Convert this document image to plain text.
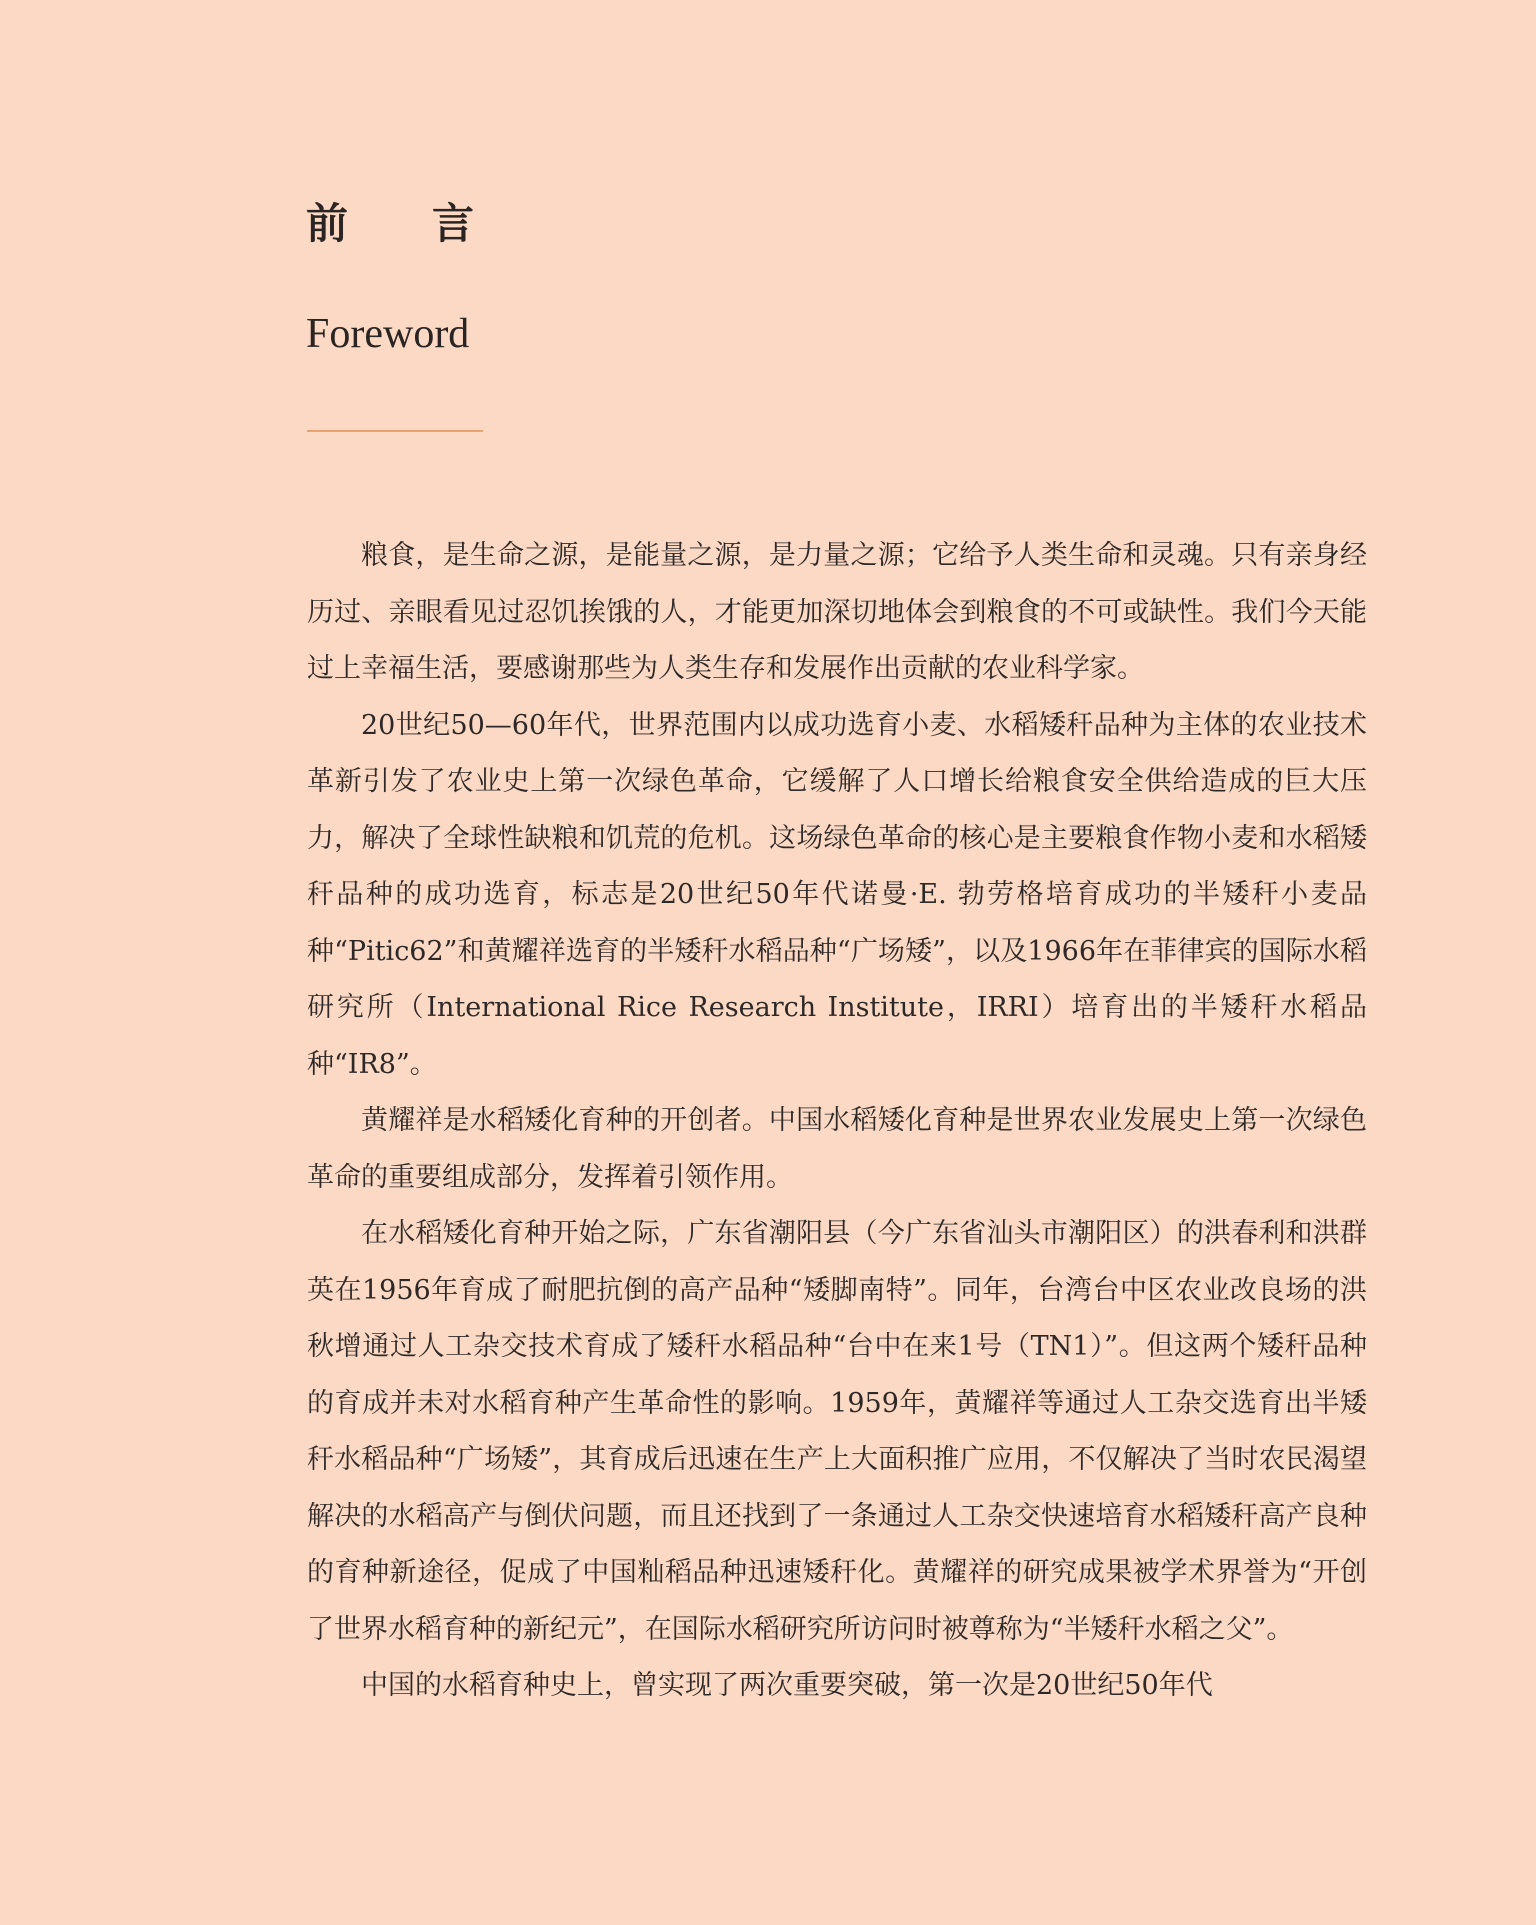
前　　言
Foreword

粮食，是生命之源，是能量之源，是力量之源；它给予人类生命和灵魂。只有亲身经历过、亲眼看见过忍饥挨饿的人，才能更加深切地体会到粮食的不可或缺性。我们今天能过上幸福生活，要感谢那些为人类生存和发展作出贡献的农业科学家。

20世纪50—60年代，世界范围内以成功选育小麦、水稻矮秆品种为主体的农业技术革新引发了农业史上第一次绿色革命，它缓解了人口增长给粮食安全供给造成的巨大压力，解决了全球性缺粮和饥荒的危机。这场绿色革命的核心是主要粮食作物小麦和水稻矮秆品种的成功选育，标志是20世纪50年代诺曼·E. 勃劳格培育成功的半矮秆小麦品种“Pitic62”和黄耀祥选育的半矮秆水稻品种“广场矮”，以及1966年在菲律宾的国际水稻研究所（International Rice Research Institute，IRRI）培育出的半矮秆水稻品种“IR8”。

黄耀祥是水稻矮化育种的开创者。中国水稻矮化育种是世界农业发展史上第一次绿色革命的重要组成部分，发挥着引领作用。

在水稻矮化育种开始之际，广东省潮阳县（今广东省汕头市潮阳区）的洪春利和洪群英在1956年育成了耐肥抗倒的高产品种“矮脚南特”。同年，台湾台中区农业改良场的洪秋增通过人工杂交技术育成了矮秆水稻品种“台中在来1号（TN1）”。但这两个矮秆品种的育成并未对水稻育种产生革命性的影响。1959年，黄耀祥等通过人工杂交选育出半矮秆水稻品种“广场矮”，其育成后迅速在生产上大面积推广应用，不仅解决了当时农民渴望解决的水稻高产与倒伏问题，而且还找到了一条通过人工杂交快速培育水稻矮秆高产良种的育种新途径，促成了中国籼稻品种迅速矮秆化。黄耀祥的研究成果被学术界誉为“开创了世界水稻育种的新纪元”，在国际水稻研究所访问时被尊称为“半矮秆水稻之父”。

中国的水稻育种史上，曾实现了两次重要突破，第一次是20世纪50年代
